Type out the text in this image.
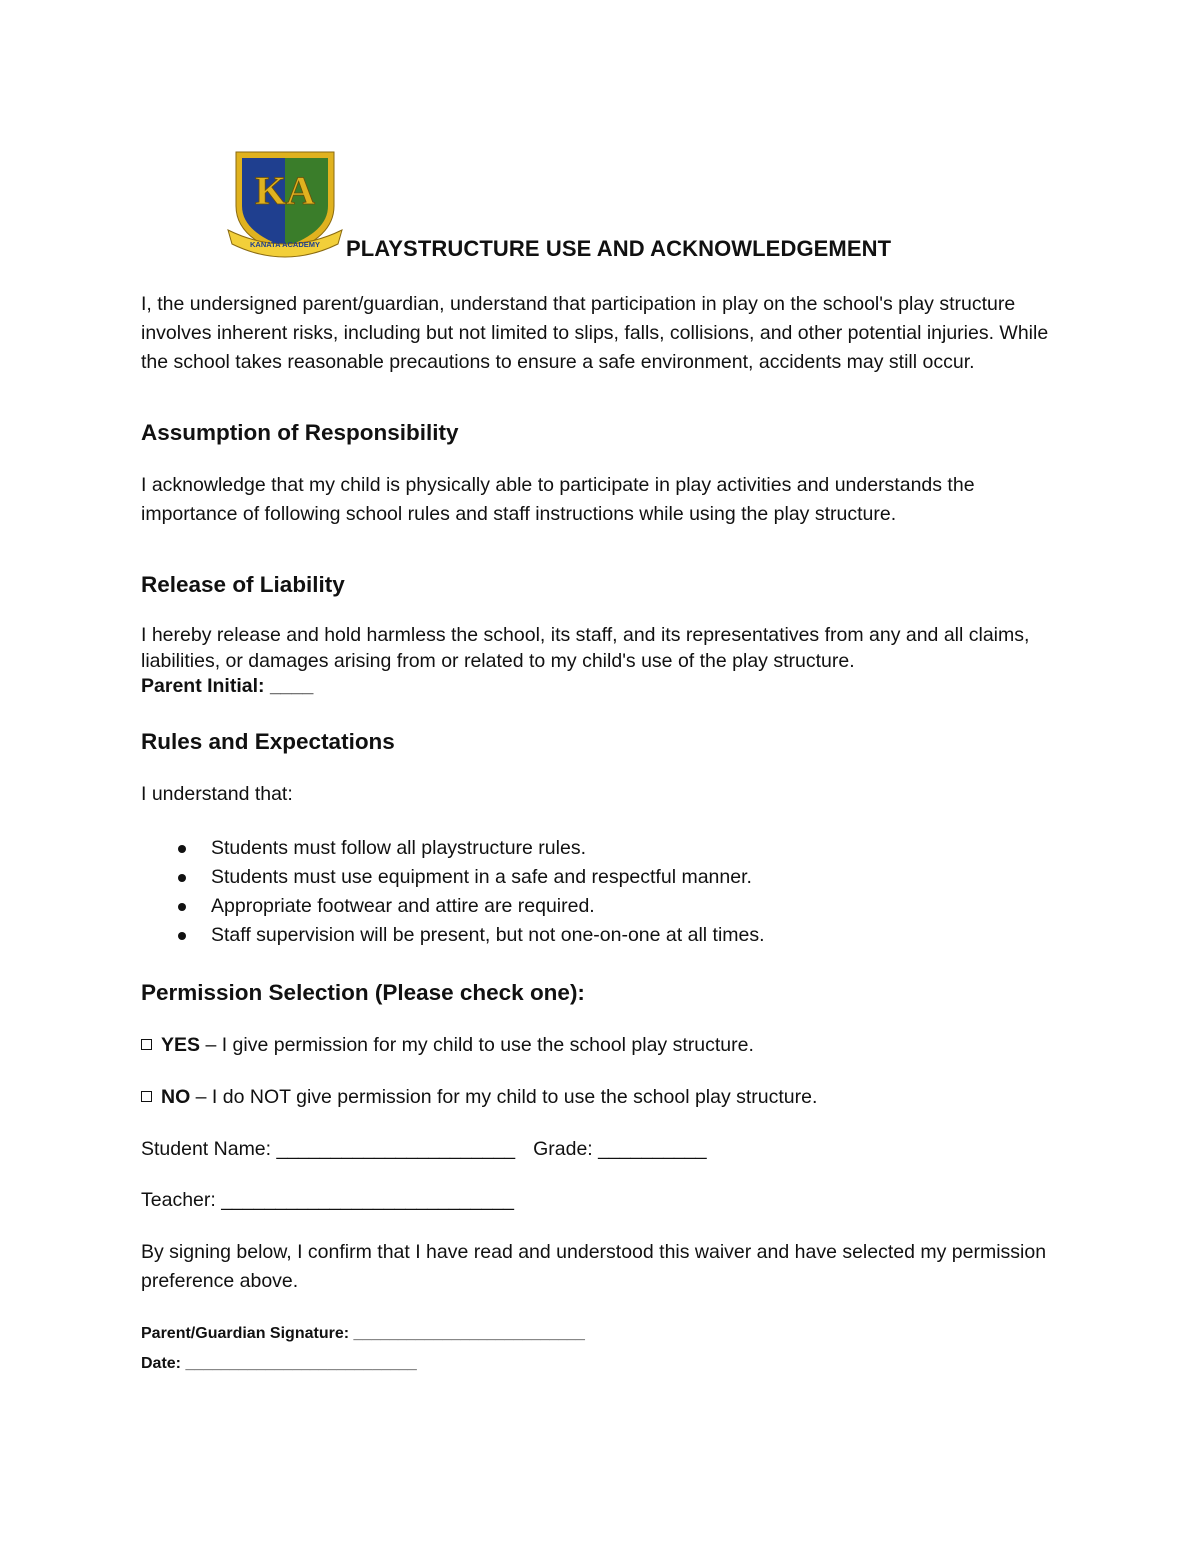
KA
KANATA ACADEMY PLAYSTRUCTURE USE AND ACKNOWLEDGEMENT

I, the undersigned parent/guardian, understand that participation in play on the school's play structure involves inherent risks, including but not limited to slips, falls, collisions, and other potential injuries. While the school takes reasonable precautions to ensure a safe environment, accidents may still occur.

Assumption of Responsibility

I acknowledge that my child is physically able to participate in play activities and understands the importance of following school rules and staff instructions while using the play structure.

Release of Liability

I hereby release and hold harmless the school, its staff, and its representatives from any and all claims, liabilities, or damages arising from or related to my child's use of the play structure.

Parent Initial: ____
Rules and Expectations

I understand that:

Students must follow all playstructure rules.
Students must use equipment in a safe and respectful manner.
Appropriate footwear and attire are required.
Staff supervision will be present, but not one-on-one at all times.
Permission Selection (Please check one):

YES – I give permission for my child to use the school play structure.

NO – I do NOT give permission for my child to use the school play structure.

Student Name: ______________________ Grade: __________

Teacher: ___________________________

By signing below, I confirm that I have read and understood this waiver and have selected my permission preference above.

Parent/Guardian Signature: __________________________
Date: __________________________
